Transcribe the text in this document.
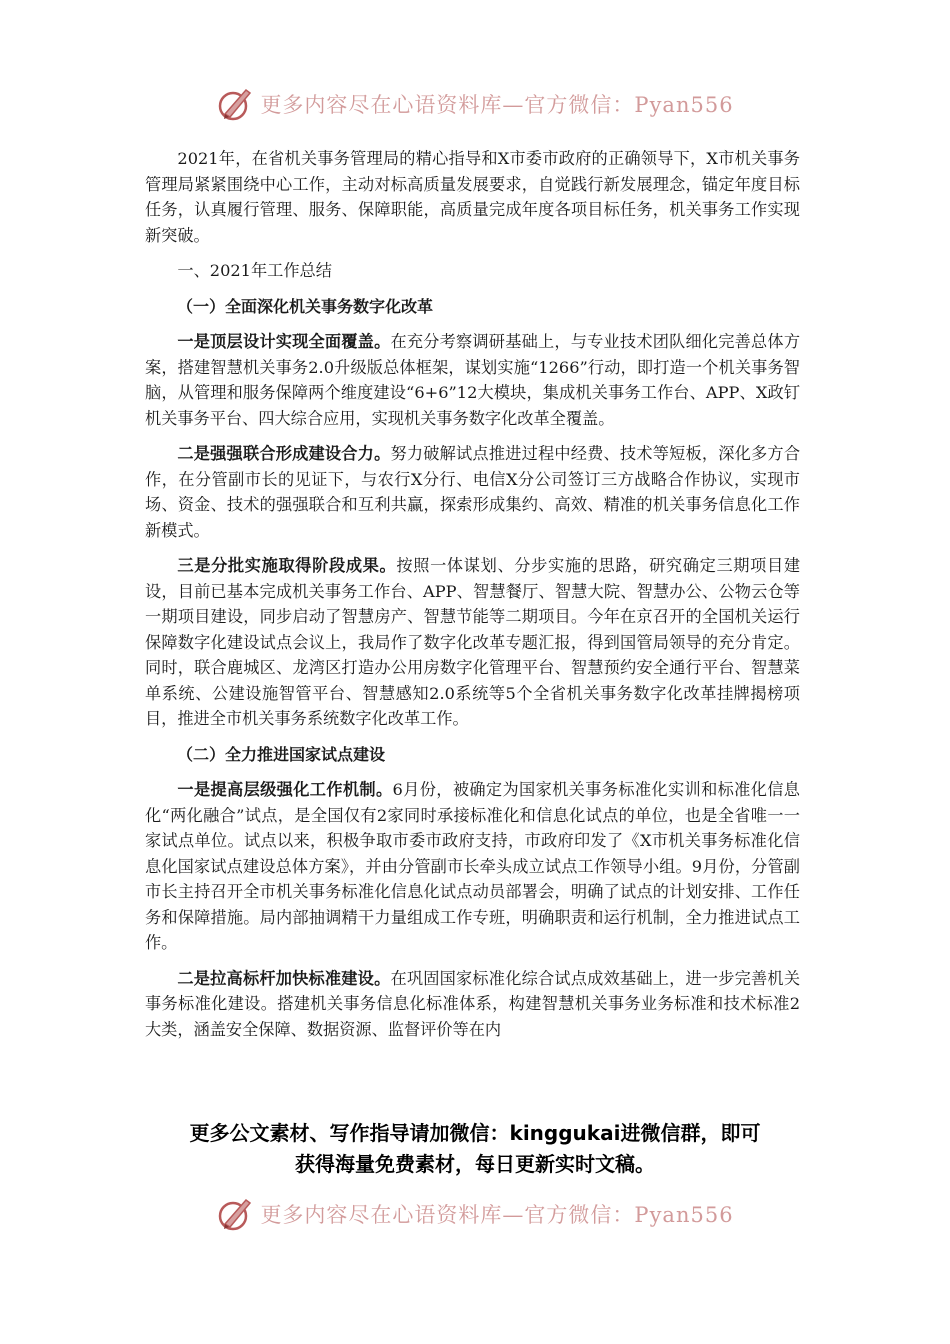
更多内容尽在心语资料库—官方微信：Pyan556

2021年，在省机关事务管理局的精心指导和X市委市政府的正确领导下，X市机关事务管理局紧紧围绕中心工作，主动对标高质量发展要求，自觉践行新发展理念，锚定年度目标任务，认真履行管理、服务、保障职能，高质量完成年度各项目标任务，机关事务工作实现新突破。

一、2021年工作总结

（一）全面深化机关事务数字化改革

一是顶层设计实现全面覆盖。在充分考察调研基础上，与专业技术团队细化完善总体方案，搭建智慧机关事务2.0升级版总体框架，谋划实施“1266”行动，即打造一个机关事务智脑，从管理和服务保障两个维度建设“6+6”12大模块，集成机关事务工作台、APP、X政钉机关事务平台、四大综合应用，实现机关事务数字化改革全覆盖。

二是强强联合形成建设合力。努力破解试点推进过程中经费、技术等短板，深化多方合作，在分管副市长的见证下，与农行X分行、电信X分公司签订三方战略合作协议，实现市场、资金、技术的强强联合和互利共赢，探索形成集约、高效、精准的机关事务信息化工作新模式。

三是分批实施取得阶段成果。按照一体谋划、分步实施的思路，研究确定三期项目建设，目前已基本完成机关事务工作台、APP、智慧餐厅、智慧大院、智慧办公、公物云仓等一期项目建设，同步启动了智慧房产、智慧节能等二期项目。今年在京召开的全国机关运行保障数字化建设试点会议上，我局作了数字化改革专题汇报，得到国管局领导的充分肯定。同时，联合鹿城区、龙湾区打造办公用房数字化管理平台、智慧预约安全通行平台、智慧菜单系统、公建设施智管平台、智慧感知2.0系统等5个全省机关事务数字化改革挂牌揭榜项目，推进全市机关事务系统数字化改革工作。

（二）全力推进国家试点建设

一是提高层级强化工作机制。6月份，被确定为国家机关事务标准化实训和标准化信息化“两化融合”试点，是全国仅有2家同时承接标准化和信息化试点的单位，也是全省唯一一家试点单位。试点以来，积极争取市委市政府支持，市政府印发了《X市机关事务标准化信息化国家试点建设总体方案》，并由分管副市长牵头成立试点工作领导小组。9月份，分管副市长主持召开全市机关事务标准化信息化试点动员部署会，明确了试点的计划安排、工作任务和保障措施。局内部抽调精干力量组成工作专班，明确职责和运行机制，全力推进试点工作。

二是拉高标杆加快标准建设。在巩固国家标准化综合试点成效基础上，进一步完善机关事务标准化建设。搭建机关事务信息化标准体系，构建智慧机关事务业务标准和技术标准2大类，涵盖安全保障、数据资源、监督评价等在内

更多公文素材、写作指导请加微信：kinggukai进微信群，即可
获得海量免费素材，每日更新实时文稿。
更多内容尽在心语资料库—官方微信：Pyan556
